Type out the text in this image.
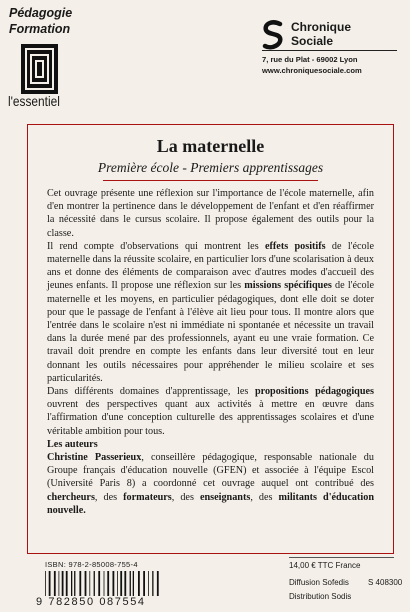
Pédagogie
Formation
l'essentiel
Chronique
Sociale
7, rue du Plat - 69002 Lyon
www.chroniquesociale.com
La maternelle
Première école - Premiers apprentissages

Cet ouvrage présente une réflexion sur l'importance de l'école maternelle, afin d'en montrer la pertinence dans le développement de l'enfant et d'en réaffirmer la nécessité dans le cursus scolaire. Il propose également des outils pour la classe.

Il rend compte d'observations qui montrent les effets positifs de l'école maternelle dans la réussite scolaire, en particulier lors d'une scolarisation à deux ans et donne des éléments de comparaison avec d'autres modes d'accueil des jeunes enfants. Il propose une réflexion sur les missions spécifiques de l'école maternelle et les moyens, en particulier pédagogiques, dont elle doit se doter pour que le passage de l'enfant à l'élève ait lieu pour tous. Il montre alors que l'entrée dans le scolaire n'est ni immédiate ni spontanée et nécessite un travail dans la durée mené par des professionnels, ayant eu une vraie formation. Ce travail doit prendre en compte les enfants dans leur diversité tout en leur donnant les outils nécessaires pour appréhender le milieu scolaire et ses particularités.

Dans différents domaines d'apprentissage, les propositions pédagogiques ouvrent des perspectives quant aux activités à mettre en œuvre dans l'affirmation d'une conception culturelle des apprentissages scolaires et d'une véritable ambition pour tous.

Les auteurs

Christine Passerieux, conseillère pédagogique, responsable nationale du Groupe français d'éducation nouvelle (GFEN) et associée à l'équipe Escol (Université Paris 8) a coordonné cet ouvrage auquel ont contribué des chercheurs, des formateurs, des enseignants, des militants d'éducation nouvelle.

ISBN: 978-2-85008-755-4
9 782850 087554
14,00 € TTC France
Diffusion Sofedis S 408300
Distribution Sodis
